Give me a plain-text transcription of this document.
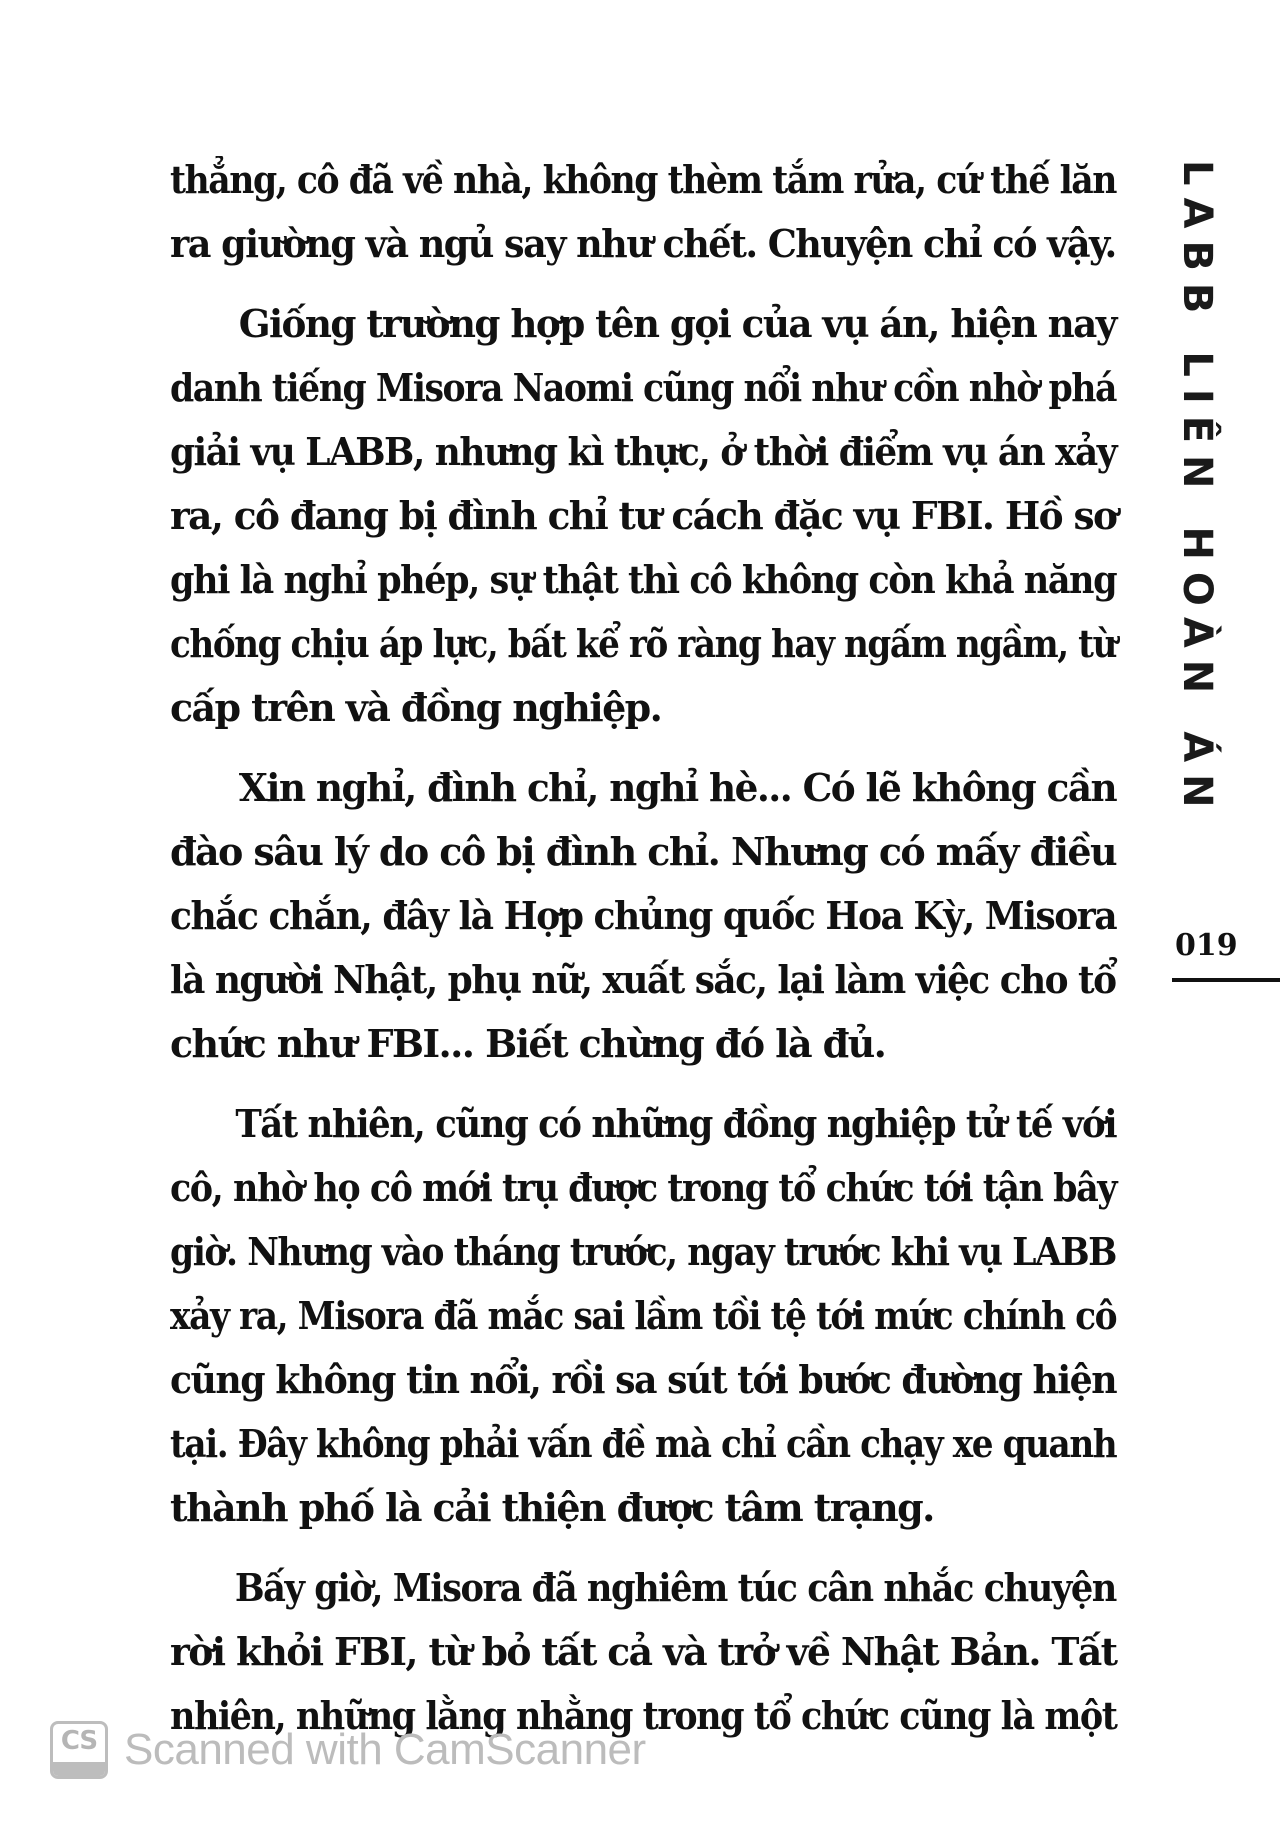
thẳng, cô đã về nhà, không thèm tắm rửa, cứ thế lăn
ra giường và ngủ say như chết. Chuyện chỉ có vậy.
Giống trường hợp tên gọi của vụ án, hiện nay
danh tiếng Misora Naomi cũng nổi như cồn nhờ phá
giải vụ LABB, nhưng kì thực, ở thời điểm vụ án xảy
ra, cô đang bị đình chỉ tư cách đặc vụ FBI. Hồ sơ
ghi là nghỉ phép, sự thật thì cô không còn khả năng
chống chịu áp lực, bất kể rõ ràng hay ngấm ngầm, từ
cấp trên và đồng nghiệp.
Xin nghỉ, đình chỉ, nghỉ hè... Có lẽ không cần
đào sâu lý do cô bị đình chỉ. Nhưng có mấy điều
chắc chắn, đây là Hợp chủng quốc Hoa Kỳ, Misora
là người Nhật, phụ nữ, xuất sắc, lại làm việc cho tổ
chức như FBI... Biết chừng đó là đủ.
Tất nhiên, cũng có những đồng nghiệp tử tế với
cô, nhờ họ cô mới trụ được trong tổ chức tới tận bây
giờ. Nhưng vào tháng trước, ngay trước khi vụ LABB
xảy ra, Misora đã mắc sai lầm tồi tệ tới mức chính cô
cũng không tin nổi, rồi sa sút tới bước đường hiện
tại. Đây không phải vấn đề mà chỉ cần chạy xe quanh
thành phố là cải thiện được tâm trạng.
Bấy giờ, Misora đã nghiêm túc cân nhắc chuyện
rời khỏi FBI, từ bỏ tất cả và trở về Nhật Bản. Tất
nhiên, những lằng nhằng trong tổ chức cũng là một
LABB LIÊN HOÀN ÁN
019
CS Scanned with CamScanner
